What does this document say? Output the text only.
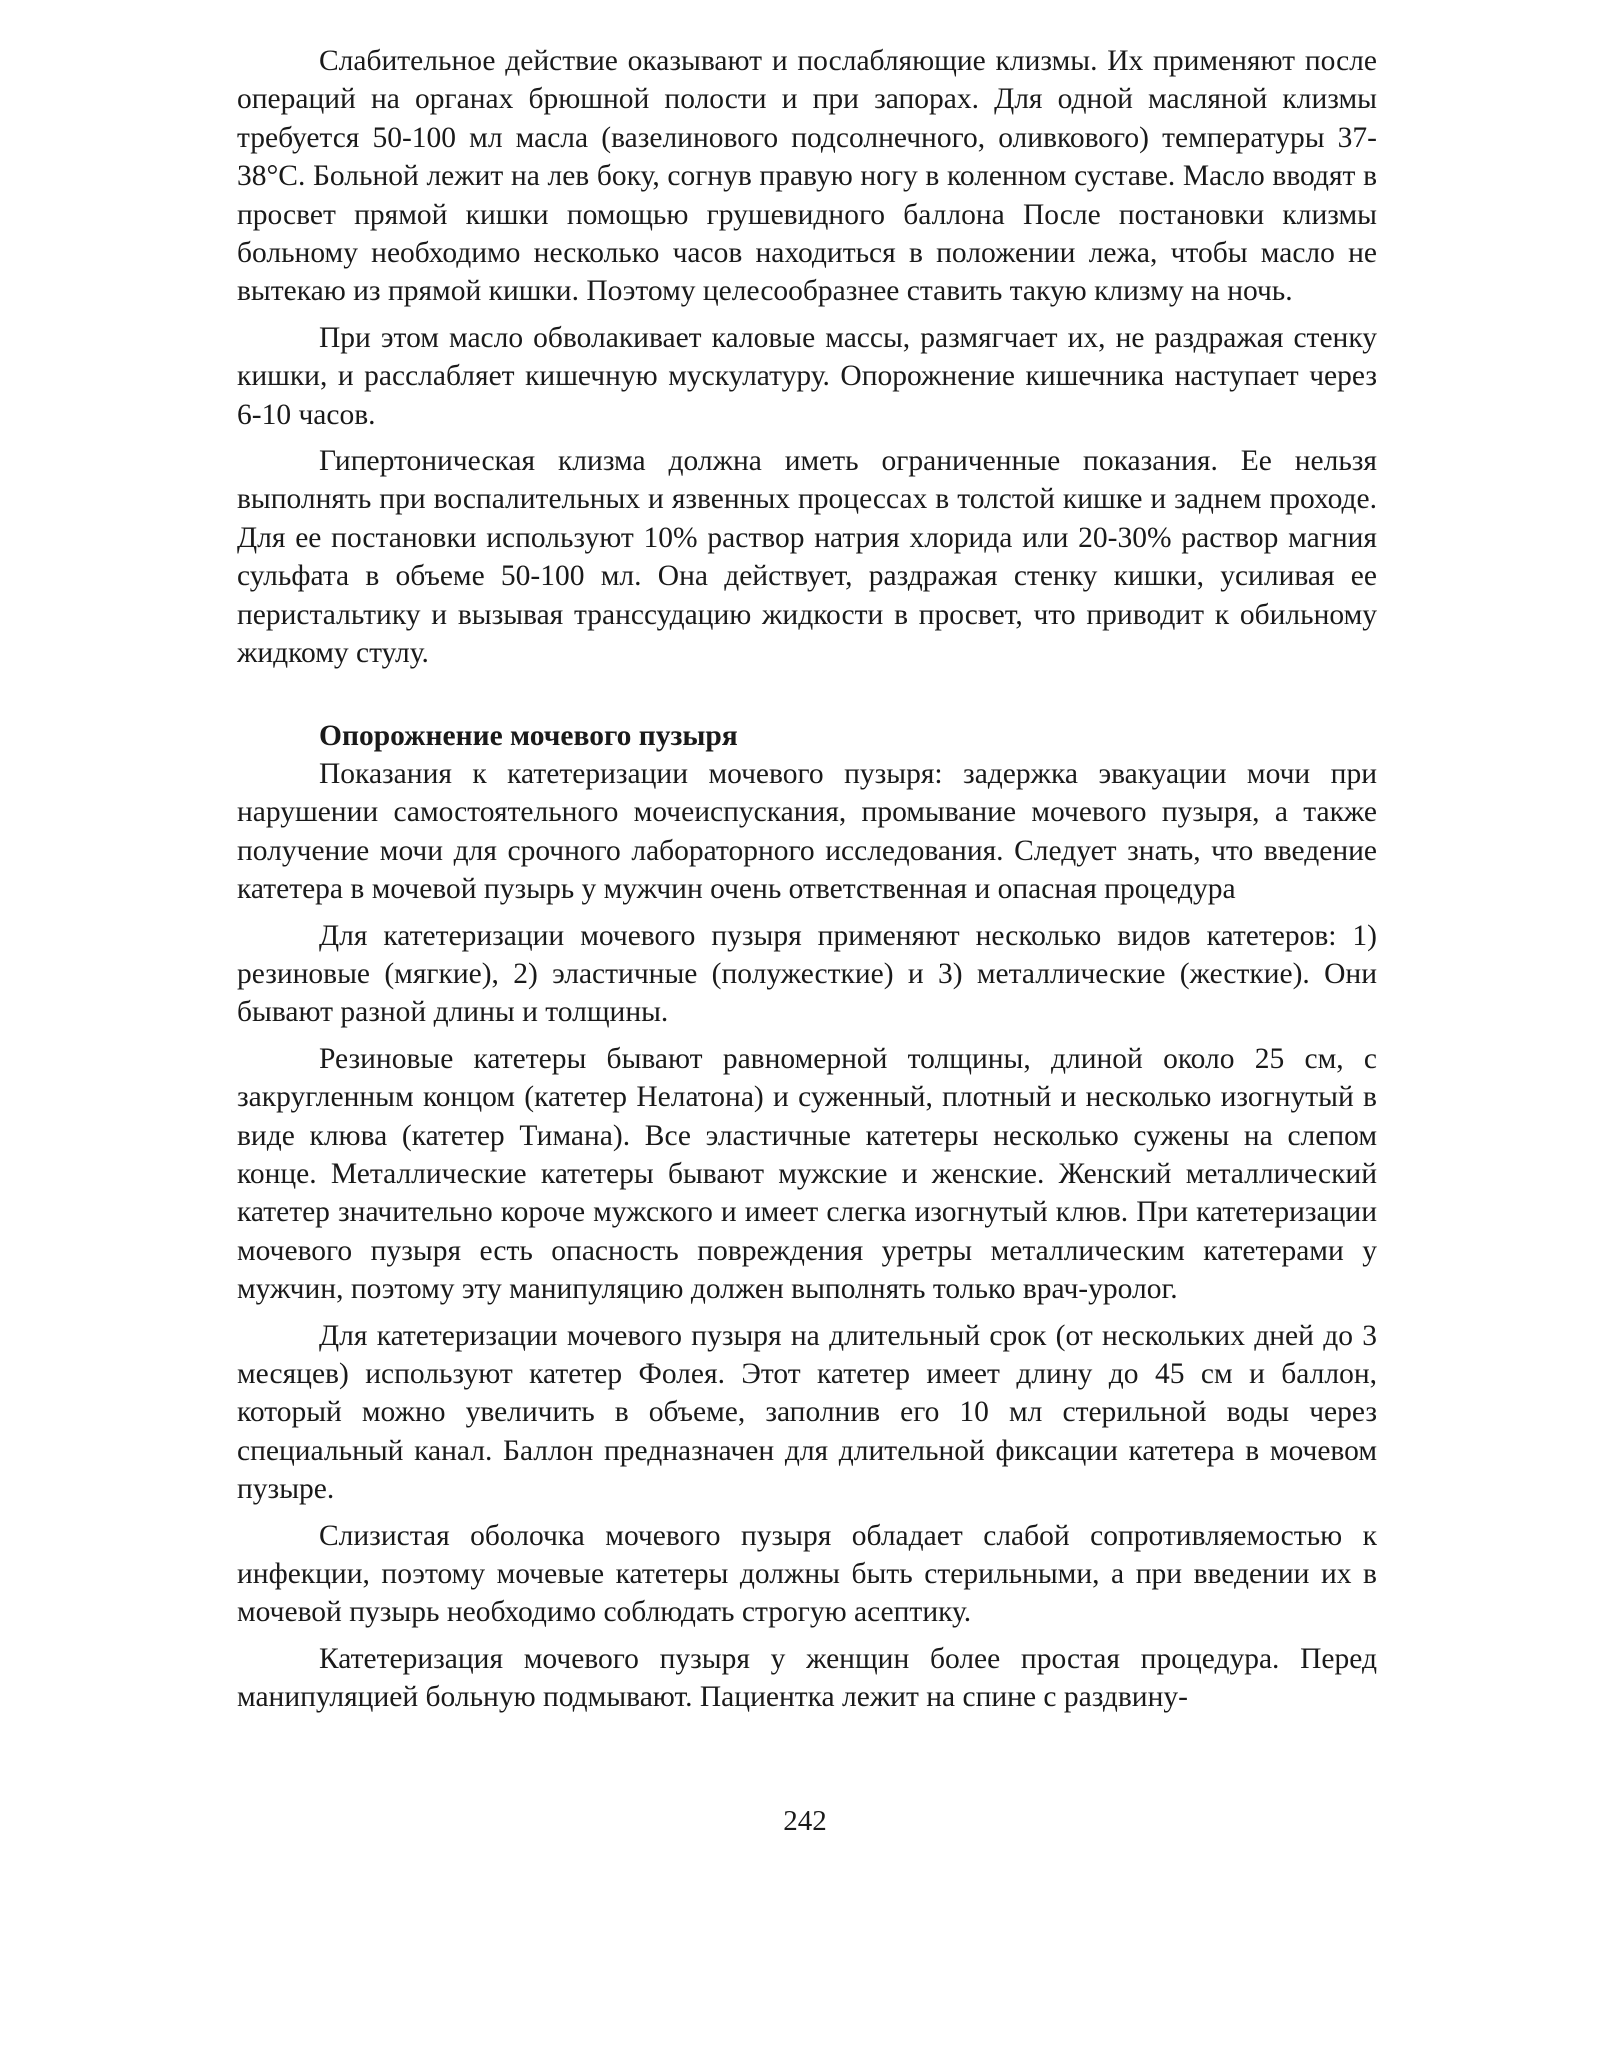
Слабительное действие оказывают и послабляющие клизмы. Их применяют после операций на органах брюшной полости и при запорах. Для одной масляной клизмы требуется 50-100 мл масла (вазелинового подсолнечного, оливкового) температуры 37-38°С. Больной лежит на лев боку, согнув правую ногу в коленном суставе. Масло вводят в просвет прямой кишки помощью грушевидного баллона После постановки клизмы больному необходимо несколько часов находиться в положении лежа, чтобы масло не вытекаю из прямой кишки. Поэтому целесообразнее ставить такую клизму на ночь.

При этом масло обволакивает каловые массы, размягчает их, не раздражая стенку кишки, и расслабляет кишечную мускулатуру. Опорожнение кишечника наступает через 6-10 часов.

Гипертоническая клизма должна иметь ограниченные показания. Ее нельзя выполнять при воспалительных и язвенных процессах в толстой кишке и заднем проходе. Для ее постановки используют 10% раствор натрия хлорида или 20-30% раствор магния сульфата в объеме 50-100 мл. Она действует, раздражая стенку кишки, усиливая ее перистальтику и вызывая транссудацию жидкости в просвет, что приводит к обильному жидкому стулу.

Опорожнение мочевого пузыря

Показания к катетеризации мочевого пузыря: задержка эвакуации мочи при нарушении самостоятельного мочеиспускания, промывание мочевого пузыря, а также получение мочи для срочного лабораторного исследования. Следует знать, что введение катетера в мочевой пузырь у мужчин очень ответственная и опасная процедура

Для катетеризации мочевого пузыря применяют несколько видов катетеров: 1) резиновые (мягкие), 2) эластичные (полужесткие) и 3) металлические (жесткие). Они бывают разной длины и толщины.

Резиновые катетеры бывают равномерной толщины, длиной около 25 см, с закругленным концом (катетер Нелатона) и суженный, плотный и несколько изогнутый в виде клюва (катетер Тимана). Все эластичные катетеры несколько сужены на слепом конце. Металлические катетеры бывают мужские и женские. Женский металлический катетер значительно короче мужского и имеет слегка изогнутый клюв. При катетеризации мочевого пузыря есть опасность повреждения уретры металлическим катетерами у мужчин, поэтому эту манипуляцию должен выполнять только врач-уролог.

Для катетеризации мочевого пузыря на длительный срок (от нескольких дней до 3 месяцев) используют катетер Фолея. Этот катетер имеет длину до 45 см и баллон, который можно увеличить в объеме, заполнив его 10 мл стерильной воды через специальный канал. Баллон предназначен для длительной фиксации катетера в мочевом пузыре.

Слизистая оболочка мочевого пузыря обладает слабой сопротивляемостью к инфекции, поэтому мочевые катетеры должны быть стерильными, а при введении их в мочевой пузырь необходимо соблюдать строгую асептику.

Катетеризация мочевого пузыря у женщин более простая процедура. Перед манипуляцией больную подмывают. Пациентка лежит на спине с раздвину-

242
